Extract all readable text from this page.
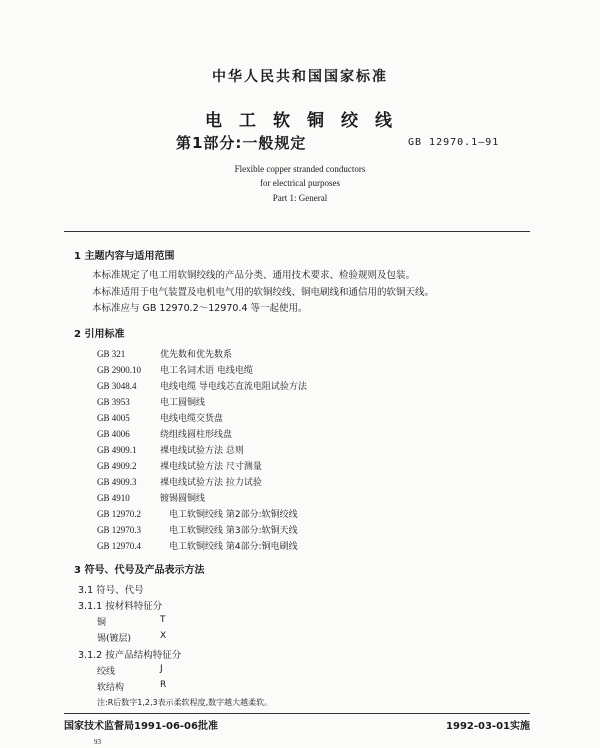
中华人民共和国国家标准
电工软铜绞线
第1部分:一般规定	GB 12970.1—91
Flexible copper stranded conductors
for electrical purposes
Part 1: General
1 主题内容与适用范围
本标准规定了电工用软铜绞线的产品分类、通用技术要求、检验规则及包装。
本标准适用于电气装置及电机电气用的软铜绞线、铜电刷线和通信用的软铜天线。
本标准应与 GB 12970.2～12970.4 等一起使用。
2 引用标准
GB 321	优先数和优先数系
GB 2900.10 电工名词术语 电线电缆
GB 3048.4	电线电缆 导电线芯直流电阻试验方法
GB 3953	电工圆铜线
GB 4005	电线电缆交货盘
GB 4006	绕组线圆柱形线盘
GB 4909.1	裸电线试验方法 总则
GB 4909.2	裸电线试验方法 尺寸测量
GB 4909.3	裸电线试验方法 拉力试验
GB 4910	镀锡圆铜线
GB 12970.2	电工软铜绞线 第2部分:软铜绞线
GB 12970.3	电工软铜绞线 第3部分:软铜天线
GB 12970.4	电工软铜绞线 第4部分:铜电刷线
3 符号、代号及产品表示方法
3.1 符号、代号
3.1.1 按材料特征分
铜	T
锡(镀层)	X
3.1.2 按产品结构特征分
绞线	J
软结构	R
注:R后数字1,2,3表示柔软程度,数字越大越柔软。
国家技术监督局1991-06-06批准	1992-03-01实施
93
